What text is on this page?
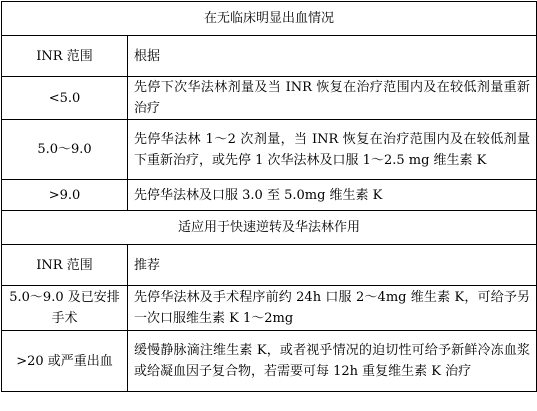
在无临床明显出血情况	
INR 范围	根据
<5.0	先停下次华法林剂量及当 INR 恢复在治疗范围内及在较低剂量重新治疗
5.0～9.0	先停华法林 1～2 次剂量，当 INR 恢复在治疗范围内及在较低剂量下重新治疗，或先停 1 次华法林及口服 1～2.5 mg 维生素 K
>9.0	先停华法林及口服 3.0 至 5.0mg 维生素 K
适应用于快速逆转及华法林作用	
INR 范围	推荐
5.0～9.0 及已安排手术	先停华法林及手术程序前约 24h 口服 2～4mg 维生素 K，可给予另一次口服维生素 K 1～2mg
>20 或严重出血	缓慢静脉滴注维生素 K，或者视乎情况的迫切性可给予新鲜冷冻血浆或给凝血因子复合物，若需要可每 12h 重复维生素 K 治疗
